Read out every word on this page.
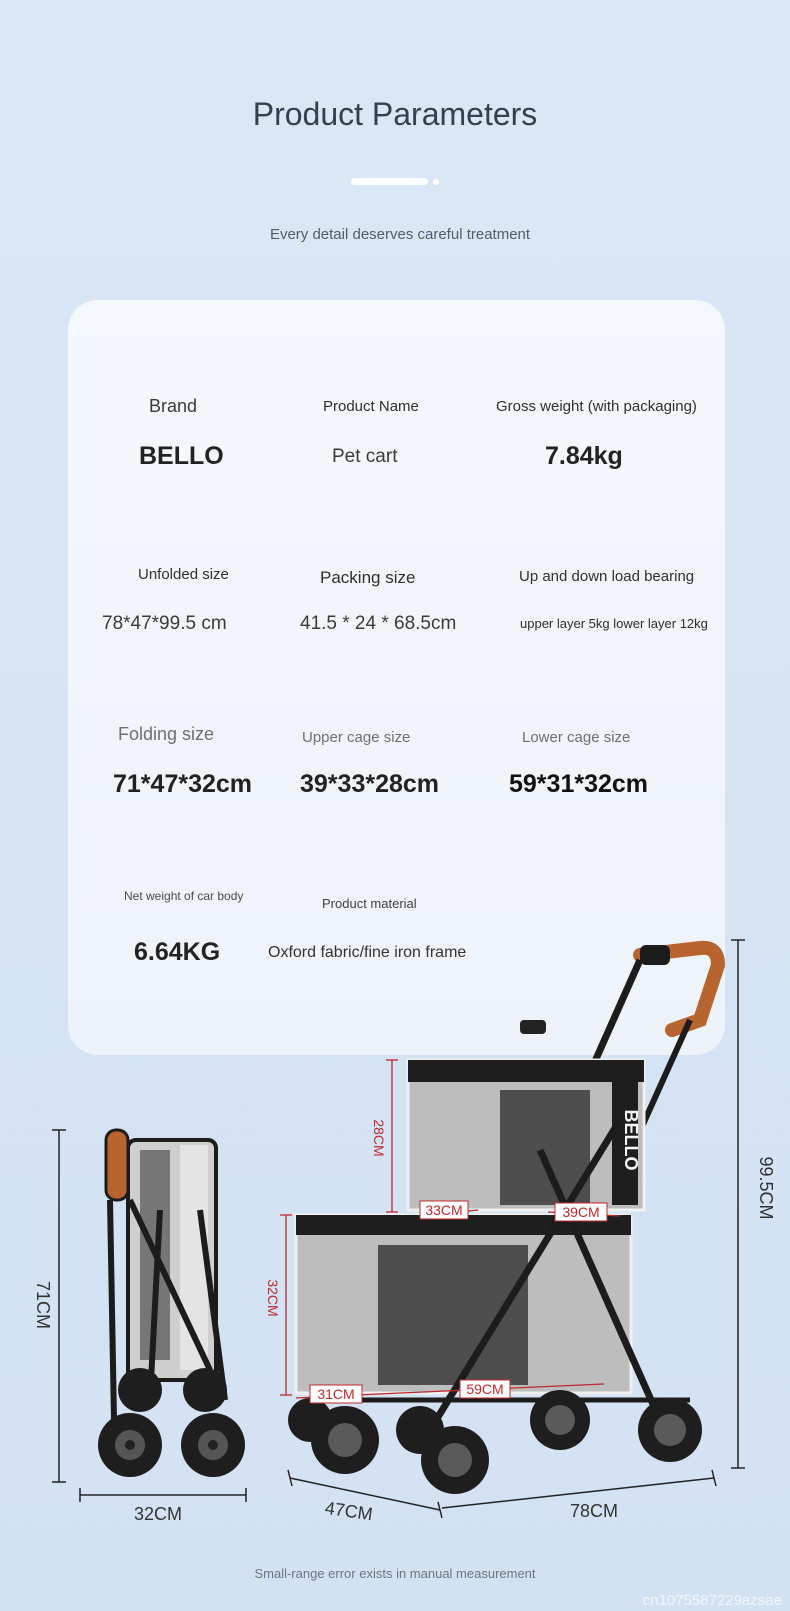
Product Parameters
Every detail deserves careful treatment
Brand
BELLO
Product Name
Pet cart
Gross weight (with packaging)
7.84kg
Unfolded size
78*47*99.5 cm
Packing size
41.5 * 24 * 68.5cm
Up and down load bearing
upper layer 5kg lower layer 12kg
Folding size
71*47*32cm
Upper cage size
39*33*28cm
Lower cage size
59*31*32cm
Net weight of car body
6.64KG
Product material
Oxford fabric/fine iron frame
71CM
32CM
BELLO
28CM
32CM
33CM	39CM
31CM	59CM
99.5CM
47CM	78CM
Small-range error exists in manual measurement
cn1075587229azsae
